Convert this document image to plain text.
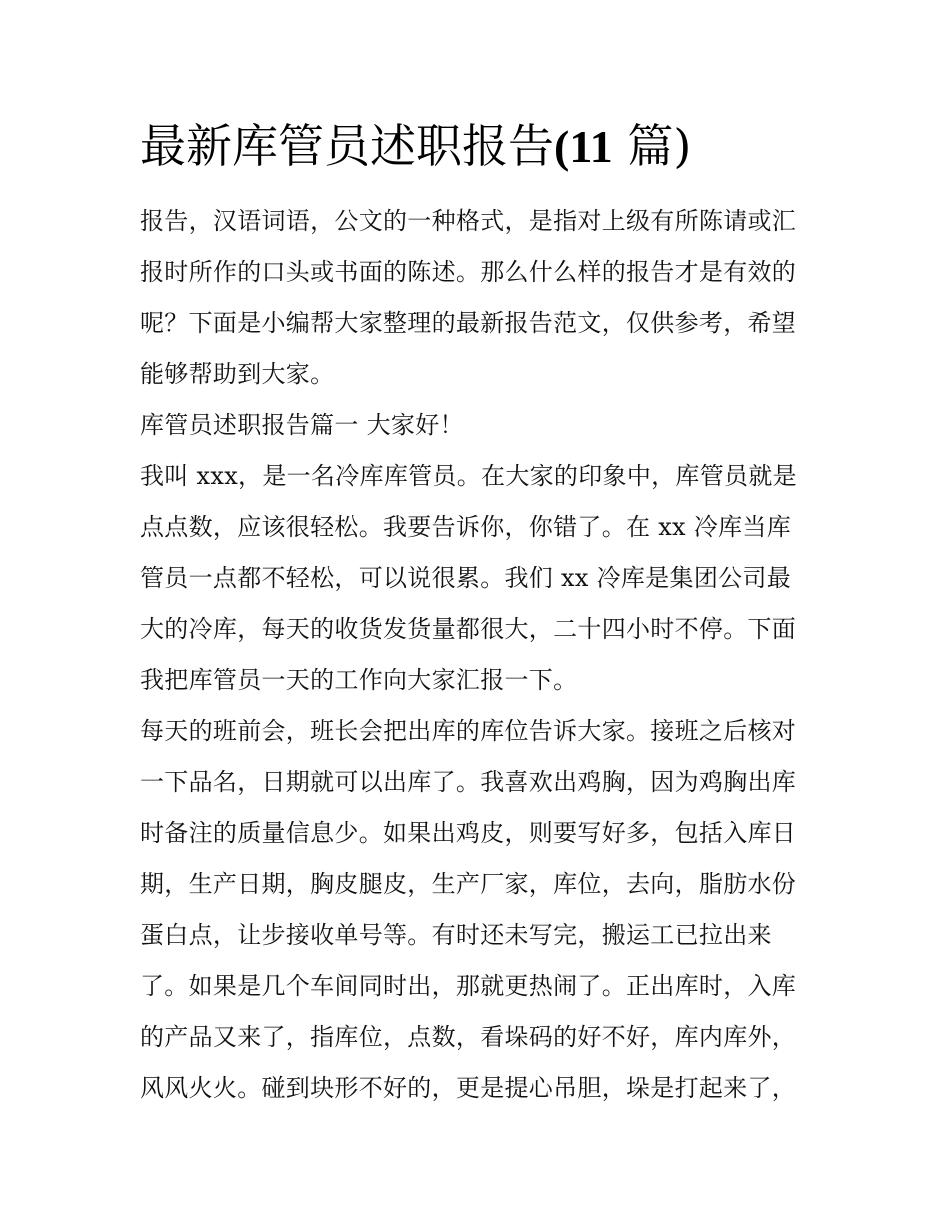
最新库管员述职报告(11 篇)
报告，汉语词语，公文的一种格式，是指对上级有所陈请或汇
报时所作的口头或书面的陈述。那么什么样的报告才是有效的
呢？下面是小编帮大家整理的最新报告范文，仅供参考，希望
能够帮助到大家。
库管员述职报告篇一 大家好！
我叫 xxx，是一名冷库库管员。在大家的印象中，库管员就是
点点数，应该很轻松。我要告诉你，你错了。在 xx 冷库当库
管员一点都不轻松，可以说很累。我们 xx 冷库是集团公司最
大的冷库，每天的收货发货量都很大，二十四小时不停。下面
我把库管员一天的工作向大家汇报一下。
每天的班前会，班长会把出库的库位告诉大家。接班之后核对
一下品名，日期就可以出库了。我喜欢出鸡胸，因为鸡胸出库
时备注的质量信息少。如果出鸡皮，则要写好多，包括入库日
期，生产日期，胸皮腿皮，生产厂家，库位，去向，脂肪水份
蛋白点，让步接收单号等。有时还未写完，搬运工已拉出来
了。如果是几个车间同时出，那就更热闹了。正出库时，入库
的产品又来了，指库位，点数，看垛码的好不好，库内库外，
风风火火。碰到块形不好的，更是提心吊胆，垛是打起来了，
